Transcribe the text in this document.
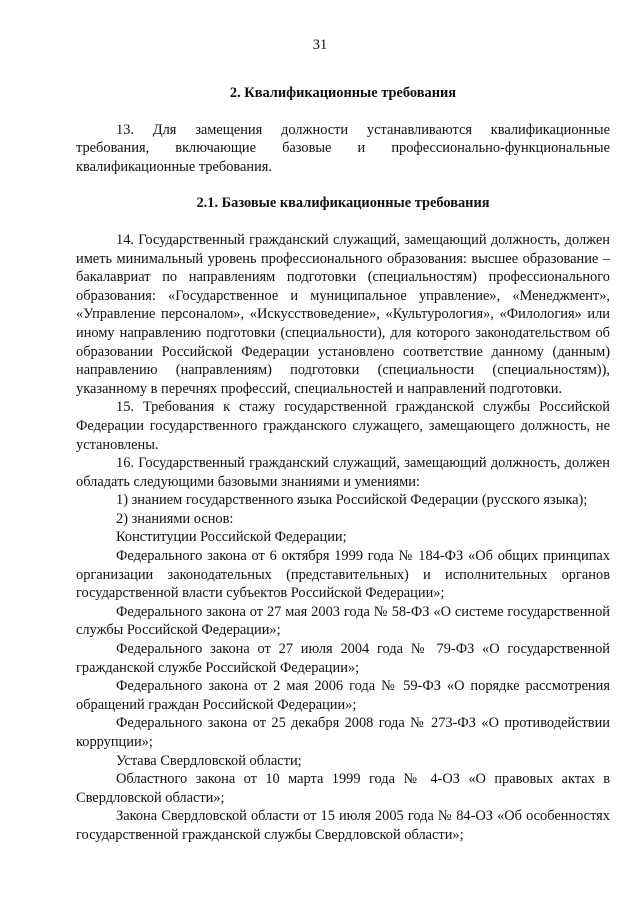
31
2. Квалификационные требования

13. Для замещения должности устанавливаются квалификационные требования, включающие базовые и профессионально-функциональные квалификационные требования.

2.1. Базовые квалификационные требования

14. Государственный гражданский служащий, замещающий должность, должен иметь минимальный уровень профессионального образования: высшее образование – бакалавриат по направлениям подготовки (специальностям) профессионального образования: «Государственное и муниципальное управление», «Менеджмент», «Управление персоналом», «Искусствоведение», «Культурология», «Филология» или иному направлению подготовки (специальности), для которого законодательством об образовании Российской Федерации установлено соответствие данному (данным) направлению (направлениям) подготовки (специальности (специальностям)), указанному в перечнях профессий, специальностей и направлений подготовки.

15. Требования к стажу государственной гражданской службы Российской Федерации государственного гражданского служащего, замещающего должность, не установлены.

16. Государственный гражданский служащий, замещающий должность, должен обладать следующими базовыми знаниями и умениями:

1) знанием государственного языка Российской Федерации (русского языка);

2) знаниями основ:

Конституции Российской Федерации;

Федерального закона от 6 октября 1999 года № 184-ФЗ «Об общих принципах организации законодательных (представительных) и исполнительных органов государственной власти субъектов Российской Федерации»;

Федерального закона от 27 мая 2003 года № 58-ФЗ «О системе государственной службы Российской Федерации»;

Федерального закона от 27 июля 2004 года № 79-ФЗ «О государственной гражданской службе Российской Федерации»;

Федерального закона от 2 мая 2006 года № 59-ФЗ «О порядке рассмотрения обращений граждан Российской Федерации»;

Федерального закона от 25 декабря 2008 года № 273-ФЗ «О противодействии коррупции»;

Устава Свердловской области;

Областного закона от 10 марта 1999 года № 4-ОЗ «О правовых актах в Свердловской области»;

Закона Свердловской области от 15 июля 2005 года № 84-ОЗ «Об особенностях государственной гражданской службы Свердловской области»;
